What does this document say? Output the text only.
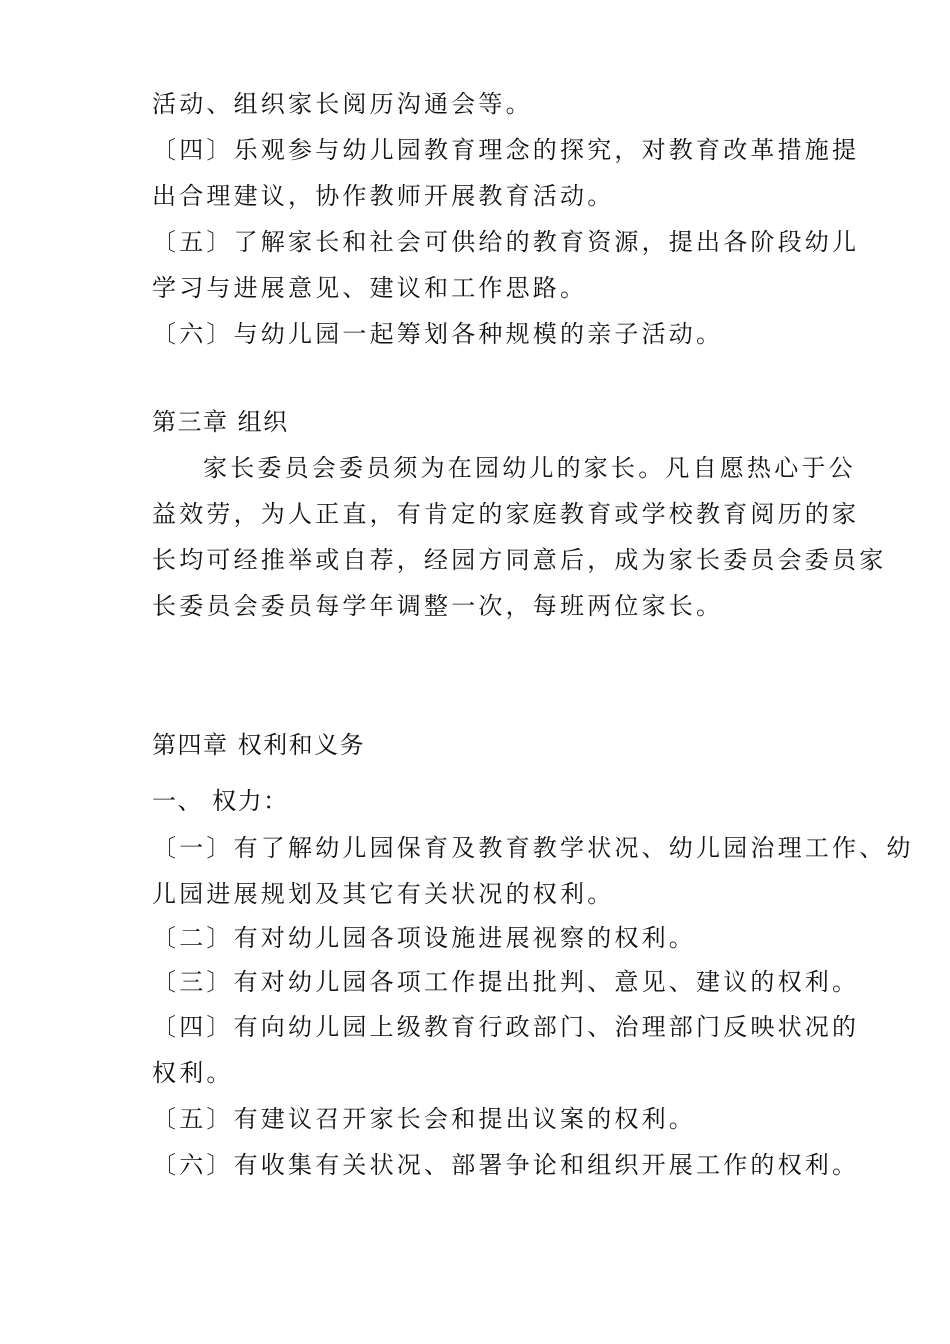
活动、组织家长阅历沟通会等。
〔四〕乐观参与幼儿园教育理念的探究，对教育改革措施提
出合理建议，协作教师开展教育活动。
〔五〕了解家长和社会可供给的教育资源，提出各阶段幼儿
学习与进展意见、建议和工作思路。
〔六〕与幼儿园一起筹划各种规模的亲子活动。
第三章 组织
家长委员会委员须为在园幼儿的家长。凡自愿热心于公
益效劳，为人正直，有肯定的家庭教育或学校教育阅历的家
长均可经推举或自荐，经园方同意后，成为家长委员会委员家
长委员会委员每学年调整一次，每班两位家长。
第四章 权利和义务
一、 权力：
〔一〕有了解幼儿园保育及教育教学状况、幼儿园治理工作、幼
儿园进展规划及其它有关状况的权利。
〔二〕有对幼儿园各项设施进展视察的权利。
〔三〕有对幼儿园各项工作提出批判、意见、建议的权利。
〔四〕有向幼儿园上级教育行政部门、治理部门反映状况的
权利。
〔五〕有建议召开家长会和提出议案的权利。
〔六〕有收集有关状况、部署争论和组织开展工作的权利。
